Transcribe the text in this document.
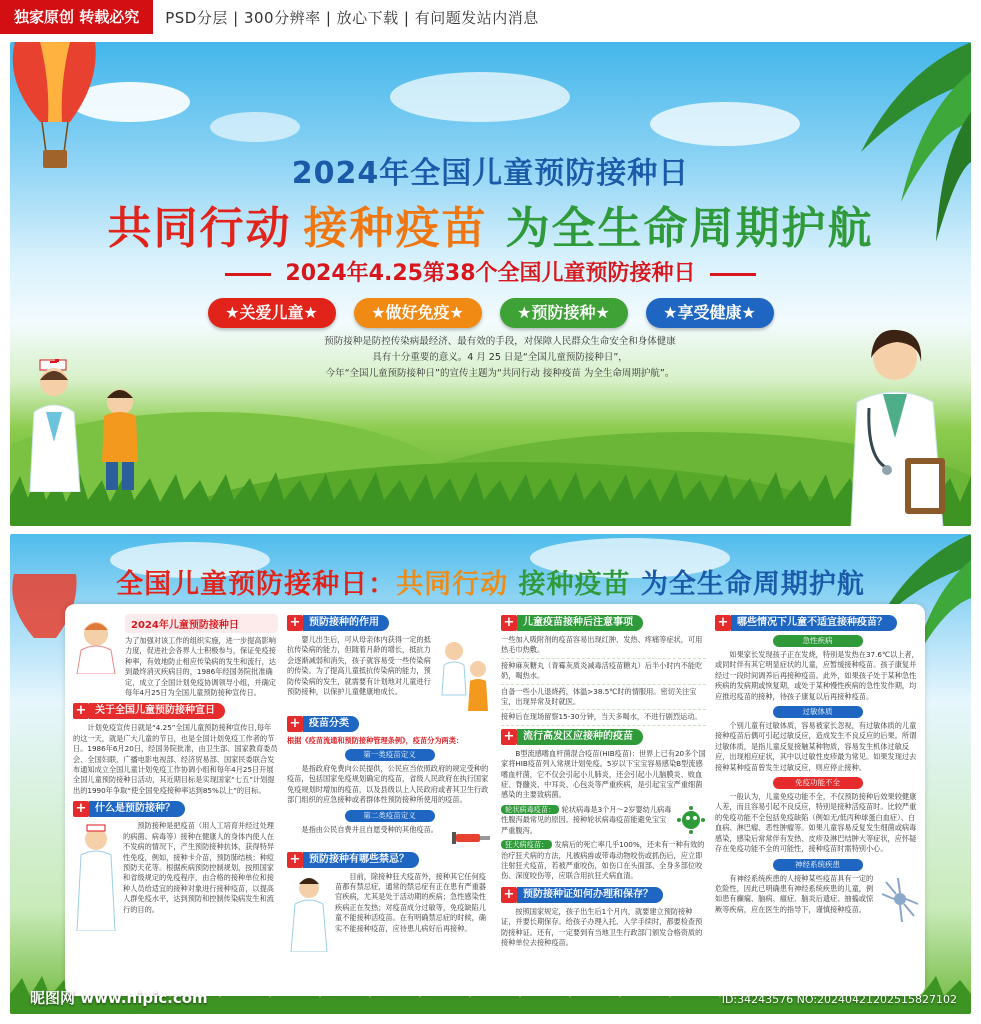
独家原创 转载必究	PSD分层 | 300分辨率 | 放心下载 | 有问题发站内消息
2024年全国儿童预防接种日
共同行动 接种疫苗 为全生命周期护航
2024年4.25第38个全国儿童预防接种日
★关爱儿童★	★做好免疫★	★预防接种★	★享受健康★
预防接种是防控传染病最经济、最有效的手段，对保障人民群众生命安全和身体健康
具有十分重要的意义。4 月 25 日是“全国儿童预防接种日”，
今年“全国儿童预防接种日”的宣传主题为“共同行动 接种疫苗 为全生命周期护航”。
全国儿童预防接种日：共同行动 接种疫苗 为全生命周期护航
2024年儿童预防接种日
为了加强对该工作的组织实施，进一步提高影响力度，促进社会各界人士积极参与，保证免疫接种率，有效地防止相应传染病的发生和流行，达到最终消灭疾病目的，1986年经国务院批准确定，成立了全国计划免疫协调领导小组，并确定每年4月25日为全国儿童预防接种宣传日。
+ 关于全国儿童预防接种宣日
计划免疫宣传日就是“4.25”全国儿童预防接种宣传日,每年的这一天，就是广大儿童的节日，也是全国计划免疫工作者的节日。1986年6月20日，经国务院批准，由卫生部、国家教育委员会、全国妇联、广播电影电视部、经济贸易部、国家民委联合发布通知成立全国儿童计划免疫工作协调小组和每年4月25日开展全国儿童预防接种日活动，其近期目标是实现国家“七五”计划提出的1990年争取“使全国免疫接种率达到85%以上”的目标。
+ 什么是预防接种？
预防接种是把疫苗（用人工培育并经过处理的病菌、病毒等）接种在健康人的身体内使人在不发病的情况下，产生预防接种抗体，获得特异性免疫，例如，接种卡介苗，预防肺结核；种痘预防天花等。根据疾病预防控制规划，按照国家和省级规定的免疫程序，由合格的接种单位和接种人员给适宜的接种对象进行接种疫苗，以提高人群免疫水平，达到预防和控制传染病发生和流行的目的。
+ 预防接种的作用
婴儿出生后，可从母亲体内获得一定的抵抗传染病的能力，但随着月龄的增长，抵抗力会逐渐减弱和消失，孩子就容易受一些传染病的传染。为了提高儿童抵抗传染病的能力，预防传染病的发生，就需要有计划地对儿童进行预防接种，以保护儿童健康地成长。
+ 疫苗分类
根据《疫苗流通和预防接种管理条例》，疫苗分为两类：
第一类疫苗定义
是指政府免费向公民提供，公民应当依照政府的规定受种的疫苗，包括国家免疫规划确定的疫苗，省级人民政府在执行国家免疫规划时增加的疫苗，以及县级以上人民政府或者其卫生行政部门组织的应急接种或者群体性预防接种所使用的疫苗。
第二类疫苗定义
是指由公民自费并且自愿受种的其他疫苗。
+ 预防接种有哪些禁忌？
目前，除接种狂犬疫苗外，接种其它任何疫苗都有禁忌症，通常的禁忌症有正在患有严重器官疾病，尤其是处于活动期的疾病；急性感染性疾病正在发热；对疫苗成分过敏等，免疫缺陷儿童不能接种活疫苗。在有明确禁忌症的时候，确实不能接种疫苗，应待患儿病好后再接种。
+ 儿童疫苗接种后注意事项
一些加入吸附剂的疫苗容易出现红肿、发热、疼痛等症状，可用热毛巾热敷。
接种麻灰糖丸（青霉灰质炎减毒活疫苗糖丸）后半小时内不能吃奶，喝热水。
自备一些小儿退烧药，体温>38.5℃时的情服用。密切关注宝宝，出现异常及时就医。
接种后在现场留察15-30分钟，当天多喝水，不进行剧烈运动。
+ 流行高发区应接种的疫苗
B型流感嗜血杆菌混合疫苗(HIB疫苗)：世界上已有20多个国家将HIB疫苗列入常规计划免疫。5岁以下宝宝容易感染B型流感嗜血杆菌，它不仅会引起小儿肺炎，还会引起小儿脑膜炎、败血症、脊髓炎、中耳炎、心包炎等严重疾病，是引起宝宝严重细菌感染的主要致病菌。
轮状病毒疫苗： 轮状病毒是3个月～2岁婴幼儿病毒性腹泻最常见的原因。接种轮状病毒疫苗能避免宝宝严重腹泻。
狂犬病疫苗： 发病后的死亡率几乎100%，还未有一种有效的治疗狂犬病的方法，凡被病兽或带毒动物咬伤或抓伤后，应立即注射狂犬疫苗，若被严重咬伤，如伤口在头面部、全身多部位咬伤、深度咬伤等，应联合用抗狂犬病血清。
+ 预防接种证如何办理和保存？
按照国家规定，孩子出生后1个月内，就要建立预防接种证，并要长期保存。给孩子办理入托、入学手续时，都要检查预防接种证。还有，一定要到有当地卫生行政部门颁发合格资质的接种单位去接种疫苗。
+ 哪些情况下儿童不适宜接种疫苗？
急性疾病
如果家长发现孩子正在发烧，特别是发热在37.6℃以上者，或同时伴有其它明显症状的儿童，应暂缓接种疫苗。孩子康复并经过一段时间调养后再接种疫苗。此外，如果孩子处于某种急性疾病的发病期或恢复期，或处于某种慢性疾病的急性发作期，均应推迟疫苗的接种，待孩子康复以后再接种疫苗。
过敏体质
个别儿童有过敏体质，容易被家长忽视，有过敏体质的儿童接种疫苗后偶可引起过敏反应，造成发生不良反应的后果。所谓过敏体质，是指儿童反复接触某种物质，容易发生机体过敏反应，出现相应症状，其中以过敏性皮疹最为常见。如果发现过去接种某种疫苗曾发生过敏反应，则应停止接种。
免疫功能不全
一般认为，儿童免疫功能不全，不仅预防接种后效果较健康人差，而且容易引起不良反应，特别是接种活疫苗时。比较严重的免疫功能不全包括免疫缺陷（例如无/低丙种球蛋白血症）、白血病、淋巴瘤、恶性肿瘤等。如果儿童容易反复发生细菌或病毒感染，感染后常常伴有发热、皮疹及淋巴结肿大等症状，应怀疑存在免疫功能不全的可能性，接种疫苗时需特别小心。
神经系统疾患
有神经系统疾患的人接种某些疫苗具有一定的危险性，因此已明确患有神经系统疾患的儿童，例如患有癫痫、脑病、癔症、脑炎后遗症、抽搐或惊厥等疾病，应在医生的指导下，谨慎接种疫苗。
昵图网 www.nipic.com	ID:34243576 NO:20240421202515827102
